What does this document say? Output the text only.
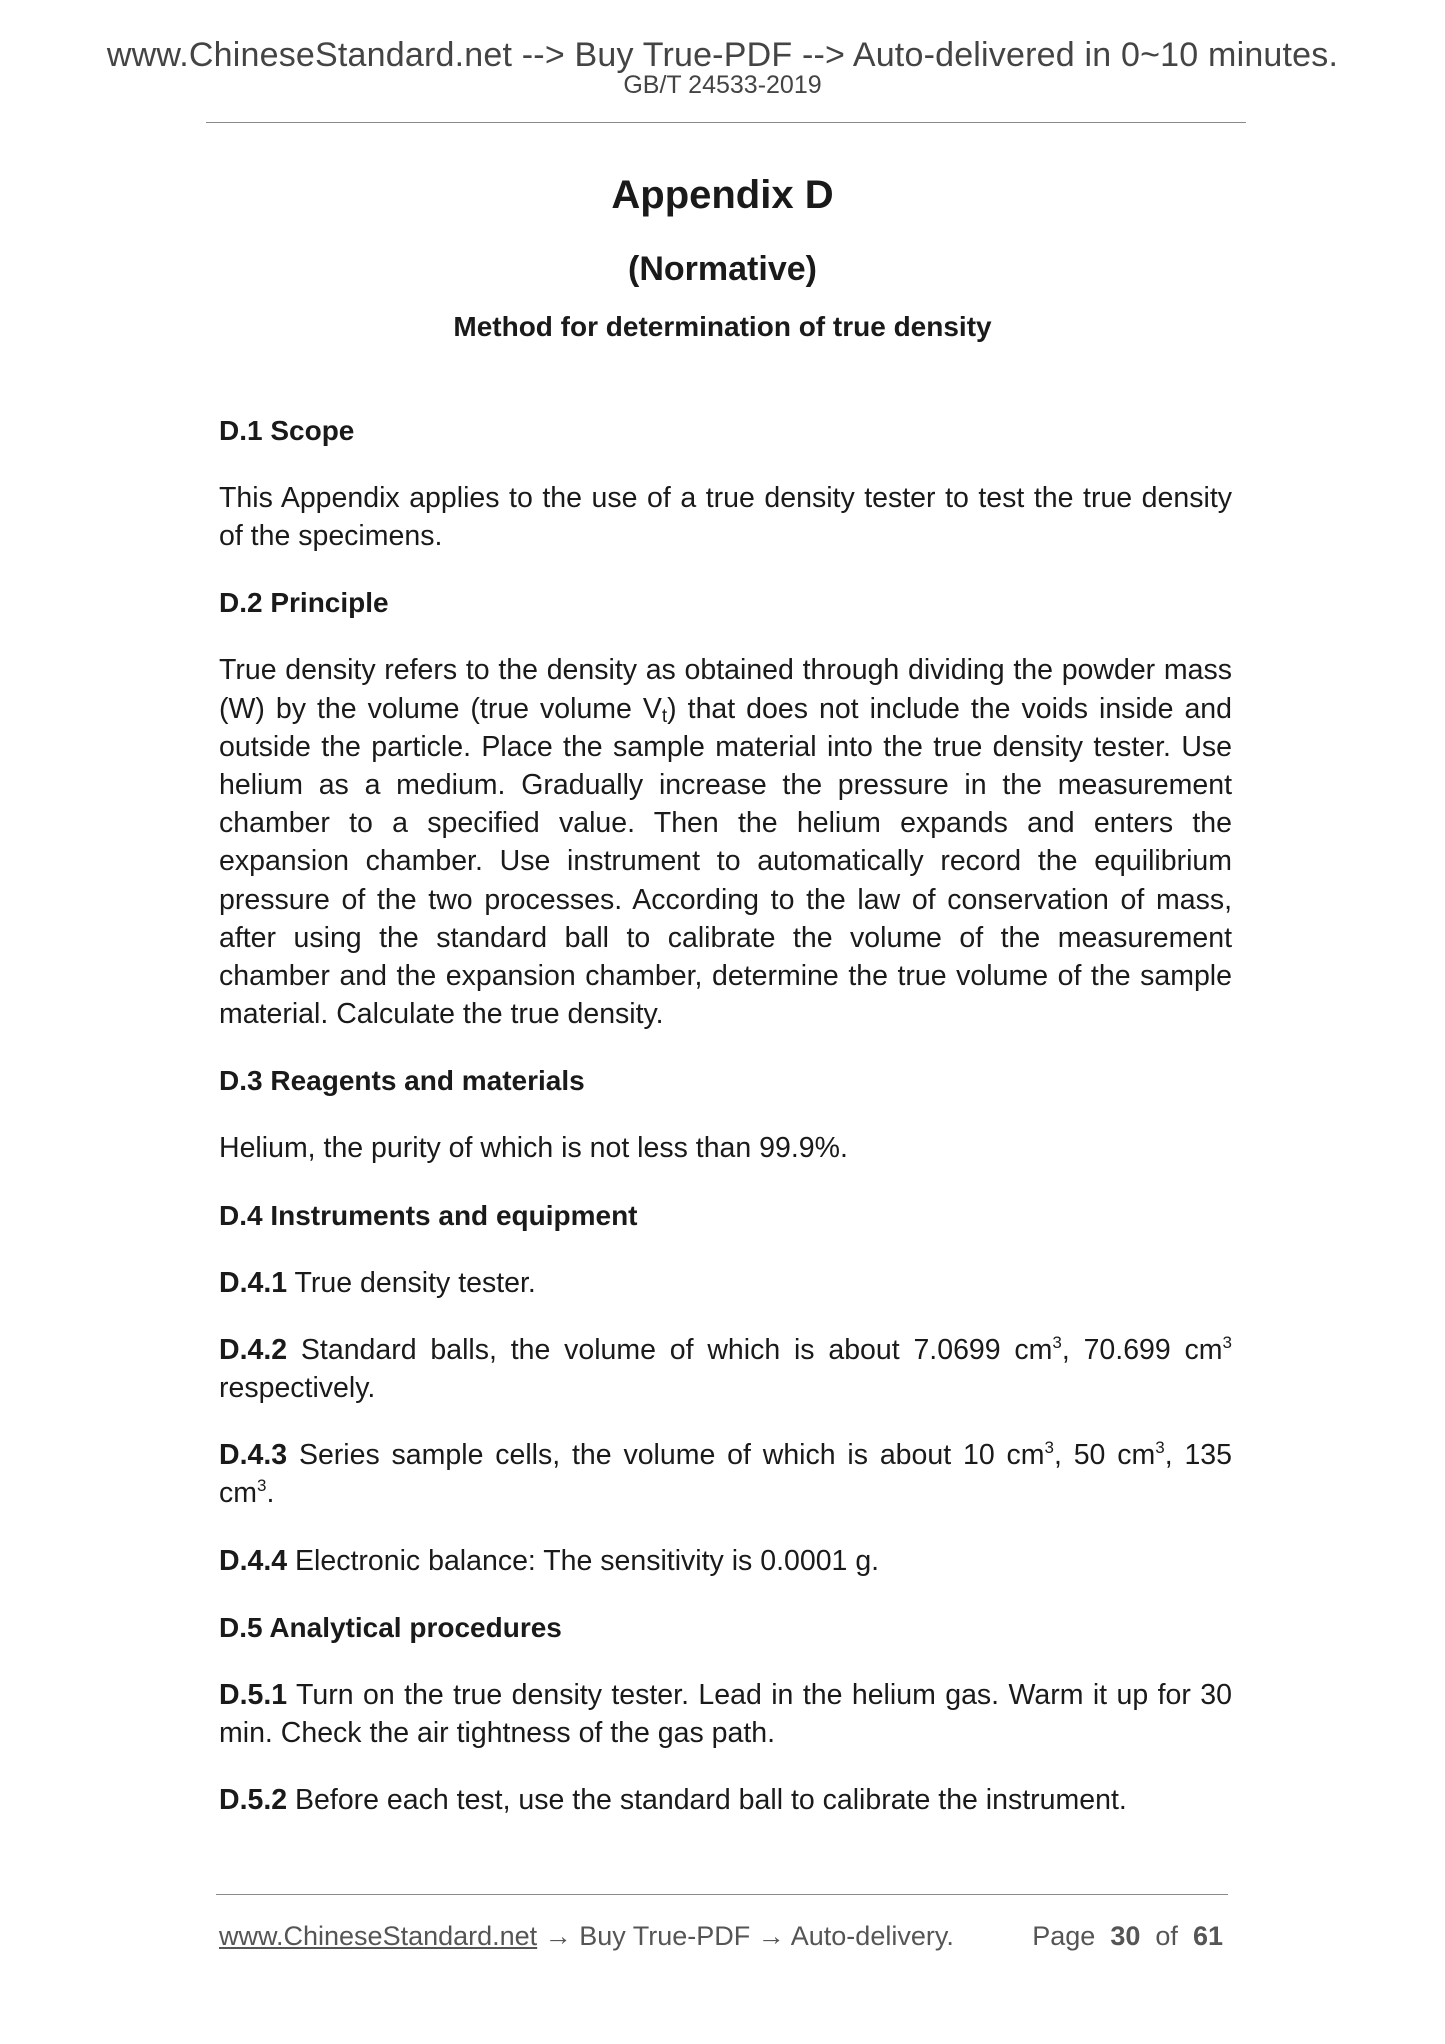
www.ChineseStandard.net --> Buy True-PDF --> Auto-delivered in 0~10 minutes.
GB/T 24533-2019
Appendix D
(Normative)
Method for determination of true density
D.1 Scope
This Appendix applies to the use of a true density tester to test the true density of the specimens.
D.2 Principle
True density refers to the density as obtained through dividing the powder mass (W) by the volume (true volume $V_t$) that does not include the voids inside and outside the particle. Place the sample material into the true density tester. Use helium as a medium. Gradually increase the pressure in the measurement chamber to a specified value. Then the helium expands and enters the expansion chamber. Use instrument to automatically record the equilibrium pressure of the two processes. According to the law of conservation of mass, after using the standard ball to calibrate the volume of the measurement chamber and the expansion chamber, determine the true volume of the sample material. Calculate the true density.
D.3 Reagents and materials
Helium, the purity of which is not less than 99.9%.
D.4 Instruments and equipment
D.4.1 True density tester.
D.4.2 Standard balls, the volume of which is about 7.0699 $cm^3$, 70.699 $cm^3$ respectively.
D.4.3 Series sample cells, the volume of which is about 10 $cm^3$, 50 $cm^3$, 135 $cm^3$.
D.4.4 Electronic balance: The sensitivity is 0.0001 g.
D.5 Analytical procedures
D.5.1 Turn on the true density tester. Lead in the helium gas. Warm it up for 30 min. Check the air tightness of the gas path.
D.5.2 Before each test, use the standard ball to calibrate the instrument.
www.ChineseStandard.net → Buy True-PDF → Auto-delivery.	Page 30 of 61
